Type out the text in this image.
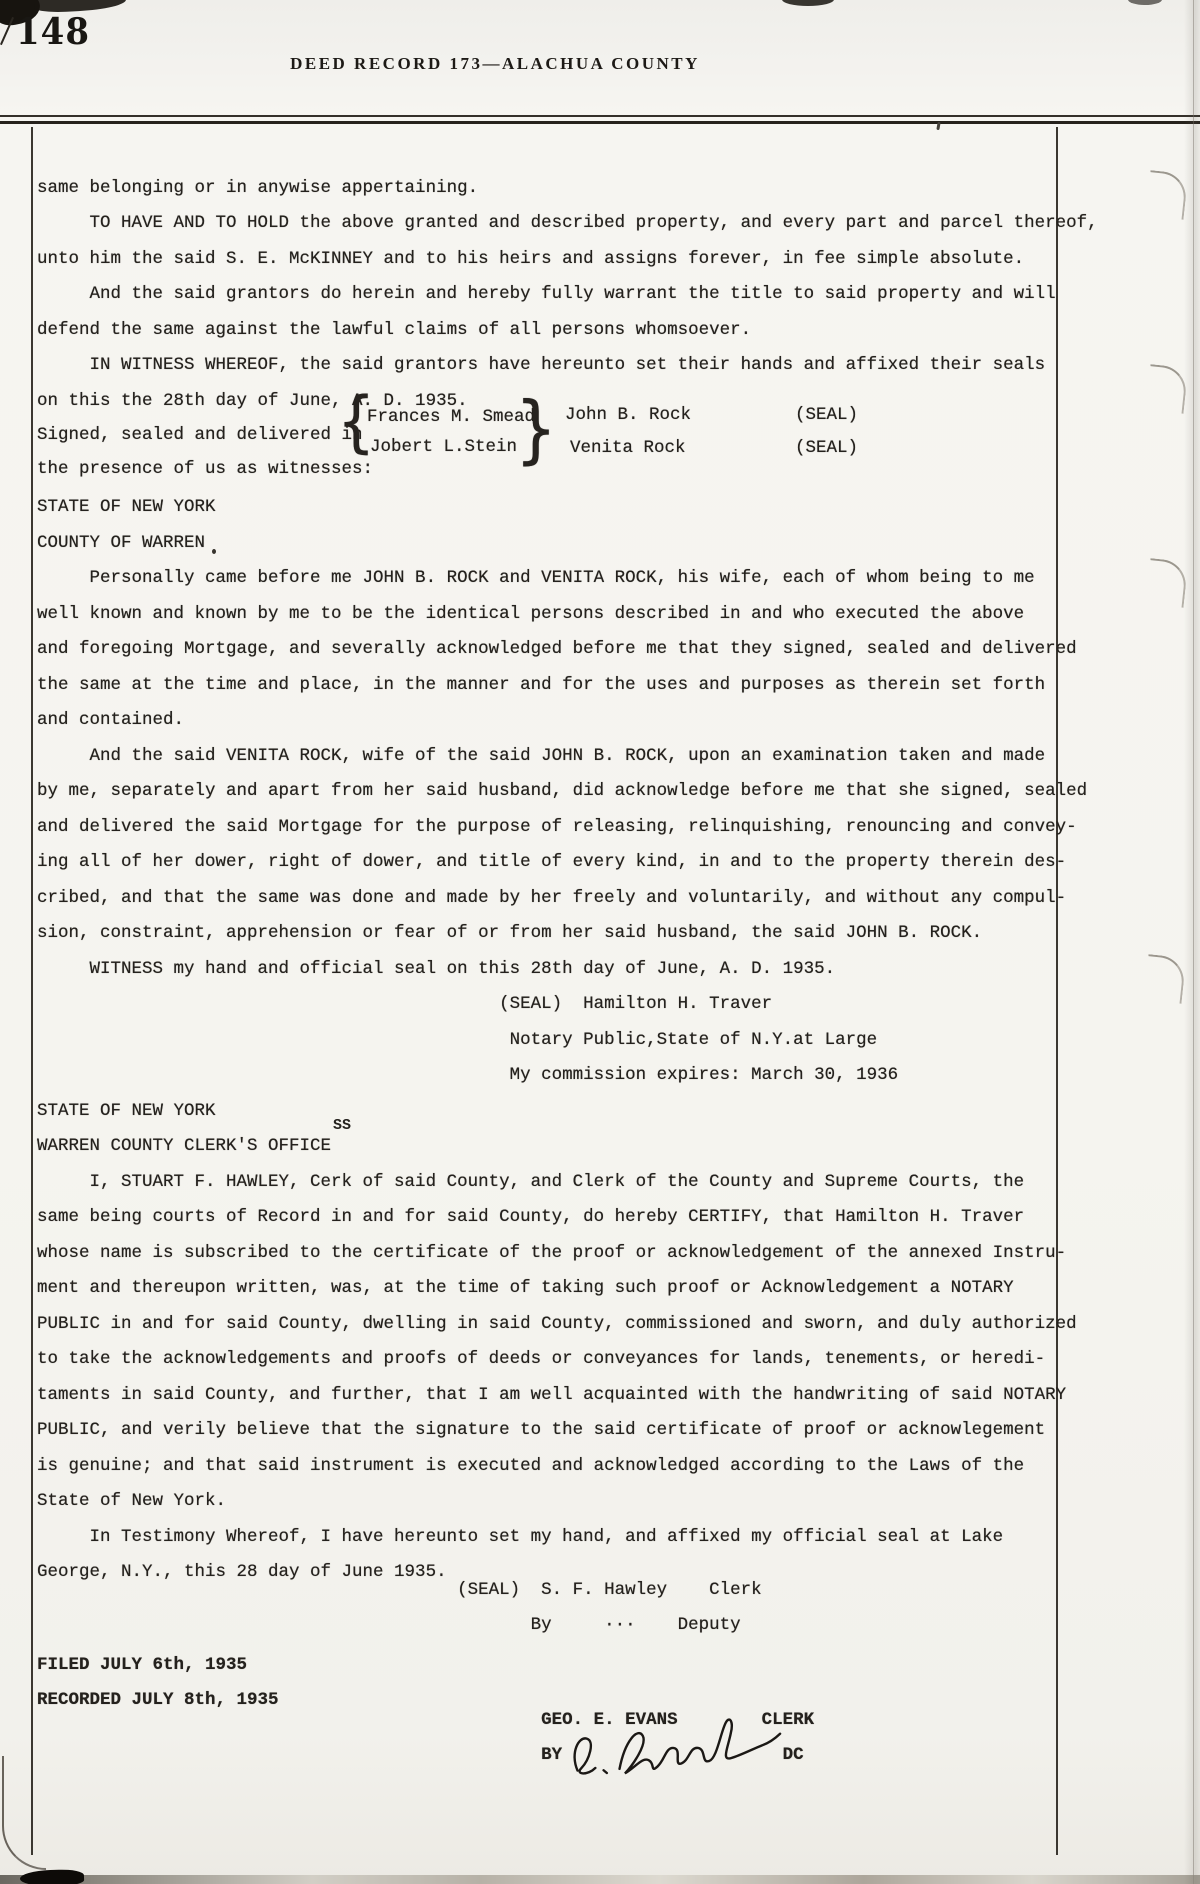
148
DEED RECORD 173—ALACHUA COUNTY
same belonging or in anywise appertaining.
TO HAVE AND TO HOLD the above granted and described property, and every part and parcel thereof,
unto him the said S. E. McKINNEY and to his heirs and assigns forever, in fee simple absolute.
And the said grantors do herein and hereby fully warrant the title to said property and will
defend the same against the lawful claims of all persons whomsoever.
IN WITNESS WHEREOF, the said grantors have hereunto set their hands and affixed their seals
on this the 28th day of June, A. D. 1935.

Signed, sealed and delivered in

the presence of us as witnesses:

{

Frances M. Smead

Jobert L.Stein

}

John B. Rock

Venita Rock

(SEAL)

(SEAL)

STATE OF NEW YORK
COUNTY OF WARREN
Personally came before me JOHN B. ROCK and VENITA ROCK, his wife, each of whom being to me
well known and known by me to be the identical persons described in and who executed the above
and foregoing Mortgage, and severally acknowledged before me that they signed, sealed and delivered
the same at the time and place, in the manner and for the uses and purposes as therein set forth
and contained.
And the said VENITA ROCK, wife of the said JOHN B. ROCK, upon an examination taken and made
by me, separately and apart from her said husband, did acknowledge before me that she signed, sealed
and delivered the said Mortgage for the purpose of releasing, relinquishing, renouncing and convey-
ing all of her dower, right of dower, and title of every kind, in and to the property therein des-
cribed, and that the same was done and made by her freely and voluntarily, and without any compul-
sion, constraint, apprehension or fear of or from her said husband, the said JOHN B. ROCK.
WITNESS my hand and official seal on this 28th day of June, A. D. 1935.
(SEAL)  Hamilton H. Traver
Notary Public,State of N.Y.at Large
My commission expires: March 30, 1936
STATE OF NEW YORK
WARREN COUNTY CLERK'S OFFICE
I, STUART F. HAWLEY, Cerk of said County, and Clerk of the County and Supreme Courts, the
same being courts of Record in and for said County, do hereby CERTIFY, that Hamilton H. Traver
whose name is subscribed to the certificate of the proof or acknowledgement of the annexed Instru-
ment and thereupon written, was, at the time of taking such proof or Acknowledgement a NOTARY
PUBLIC in and for said County, dwelling in said County, commissioned and sworn, and duly authorized
to take the acknowledgements and proofs of deeds or conveyances for lands, tenements, or heredi-
taments in said County, and further, that I am well acquainted with the handwriting of said NOTARY
PUBLIC, and verily believe that the signature to the said certificate of proof or acknowlegement
is genuine; and that said instrument is executed and acknowledged according to the Laws of the
State of New York.
In Testimony Whereof, I have hereunto set my hand, and affixed my official seal at Lake
George, N.Y., this 28 day of June 1935.
(SEAL)  S. F. Hawley    Clerk
By     ···    Deputy
FILED JULY 6th, 1935
RECORDED JULY 8th, 1935
GEO. E. EVANS        CLERK
BY                     DC
SS
